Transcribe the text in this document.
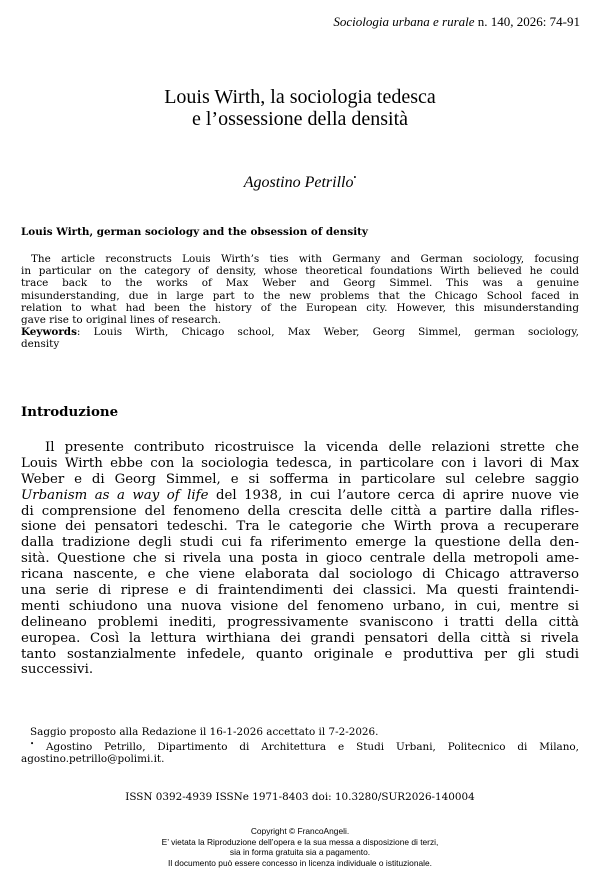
Sociologia urbana e rurale n. 140, 2026: 74-91
Louis Wirth, la sociologia tedesca
e l’ossessione della densità
Agostino Petrillo•
Louis Wirth, german sociology and the obsession of density
The article reconstructs Louis Wirth’s ties with Germany and German sociology, focusing
in particular on the category of density, whose theoretical foundations Wirth believed he could
trace back to the works of Max Weber and Georg Simmel. This was a genuine
misunderstanding, due in large part to the new problems that the Chicago School faced in
relation to what had been the history of the European city. However, this misunderstanding
gave rise to original lines of research.
Keywords: Louis Wirth, Chicago school, Max Weber, Georg Simmel, german sociology,
density
Introduzione
Il presente contributo ricostruisce la vicenda delle relazioni strette che
Louis Wirth ebbe con la sociologia tedesca, in particolare con i lavori di Max
Weber e di Georg Simmel, e si sofferma in particolare sul celebre saggio
Urbanism as a way of life del 1938, in cui l’autore cerca di aprire nuove vie
di comprensione del fenomeno della crescita delle città a partire dalla rifles-
sione dei pensatori tedeschi. Tra le categorie che Wirth prova a recuperare
dalla tradizione degli studi cui fa riferimento emerge la questione della den-
sità. Questione che si rivela una posta in gioco centrale della metropoli ame-
ricana nascente, e che viene elaborata dal sociologo di Chicago attraverso
una serie di riprese e di fraintendimenti dei classici. Ma questi fraintendi-
menti schiudono una nuova visione del fenomeno urbano, in cui, mentre si
delineano problemi inediti, progressivamente svaniscono i tratti della città
europea. Così la lettura wirthiana dei grandi pensatori della città si rivela
tanto sostanzialmente infedele, quanto originale e produttiva per gli studi
successivi.
Saggio proposto alla Redazione il 16-1-2026 accettato il 7-2-2026.
• Agostino Petrillo, Dipartimento di Architettura e Studi Urbani, Politecnico di Milano,
agostino.petrillo@polimi.it.
ISSN 0392-4939 ISSNe 1971-8403 doi: 10.3280/SUR2026-140004
Copyright © FrancoAngeli.
E’ vietata la Riproduzione dell’opera e la sua messa a disposizione di terzi,
sia in forma gratuita sia a pagamento.
Il documento può essere concesso in licenza individuale o istituzionale.
